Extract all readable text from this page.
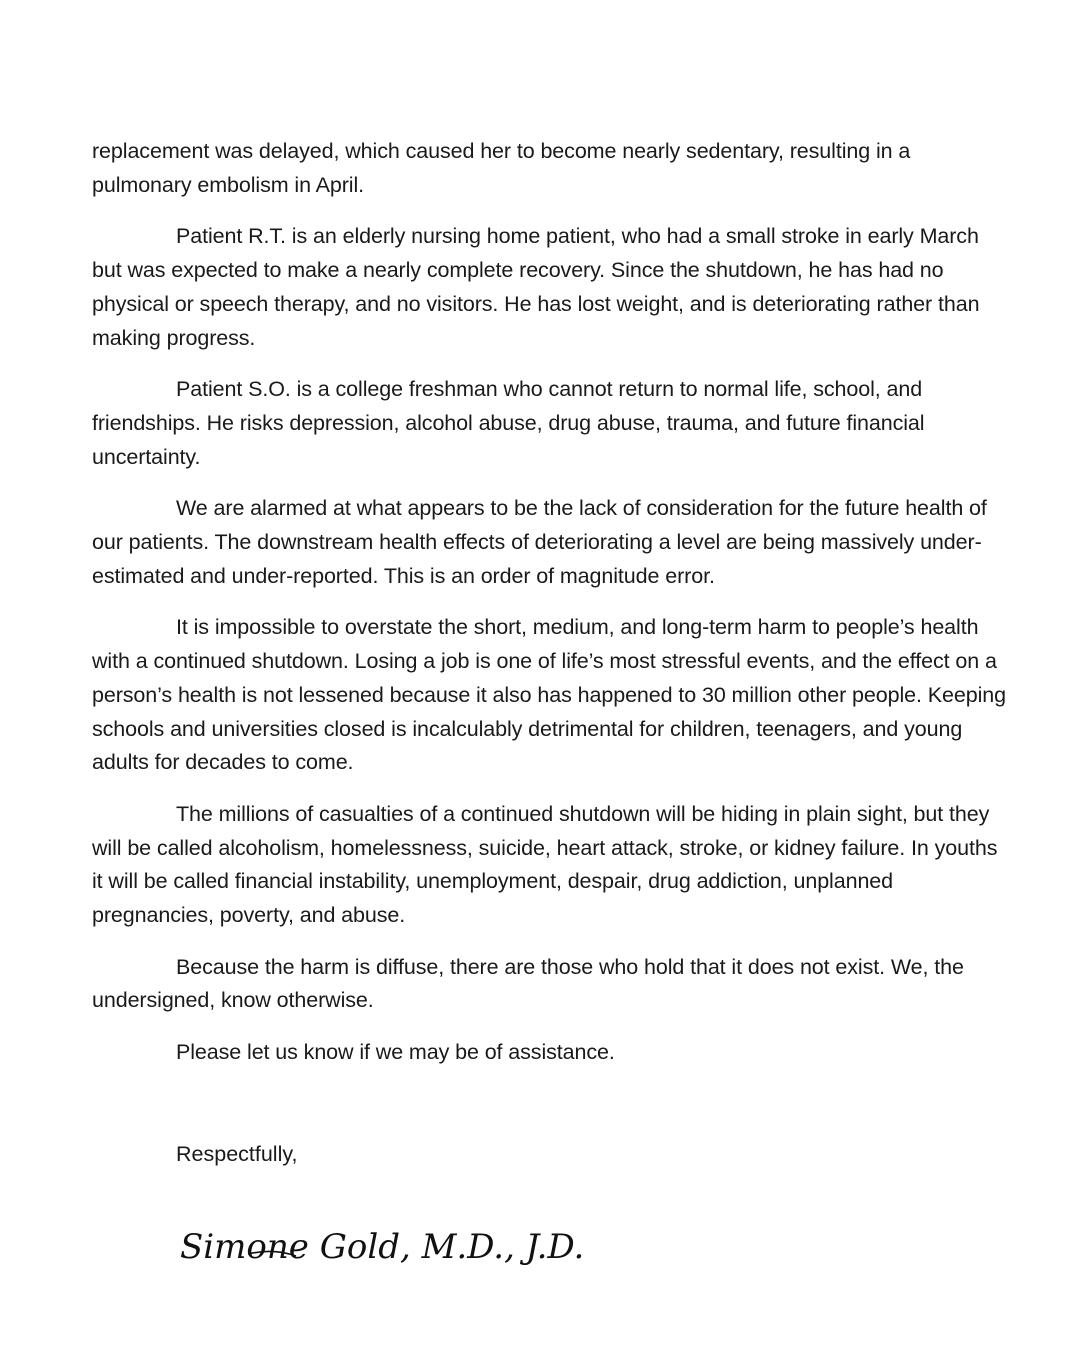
replacement was delayed, which caused her to become nearly sedentary, resulting in a pulmonary embolism in April.

Patient R.T. is an elderly nursing home patient, who had a small stroke in early March but was expected to make a nearly complete recovery. Since the shutdown, he has had no physical or speech therapy, and no visitors. He has lost weight, and is deteriorating rather than making progress.

Patient S.O. is a college freshman who cannot return to normal life, school, and friendships. He risks depression, alcohol abuse, drug abuse, trauma, and future financial uncertainty.

We are alarmed at what appears to be the lack of consideration for the future health of our patients. The downstream health effects of deteriorating a level are being massively under-estimated and under-reported. This is an order of magnitude error.

It is impossible to overstate the short, medium, and long-term harm to people’s health with a continued shutdown. Losing a job is one of life’s most stressful events, and the effect on a person’s health is not lessened because it also has happened to 30 million other people. Keeping schools and universities closed is incalculably detrimental for children, teenagers, and young adults for decades to come.

The millions of casualties of a continued shutdown will be hiding in plain sight, but they will be called alcoholism, homelessness, suicide, heart attack, stroke, or kidney failure. In youths it will be called financial instability, unemployment, despair, drug addiction, unplanned pregnancies, poverty, and abuse.

Because the harm is diffuse, there are those who hold that it does not exist. We, the undersigned, know otherwise.

Please let us know if we may be of assistance.

Respectfully,
Simone Gold, M.D., J.D.
